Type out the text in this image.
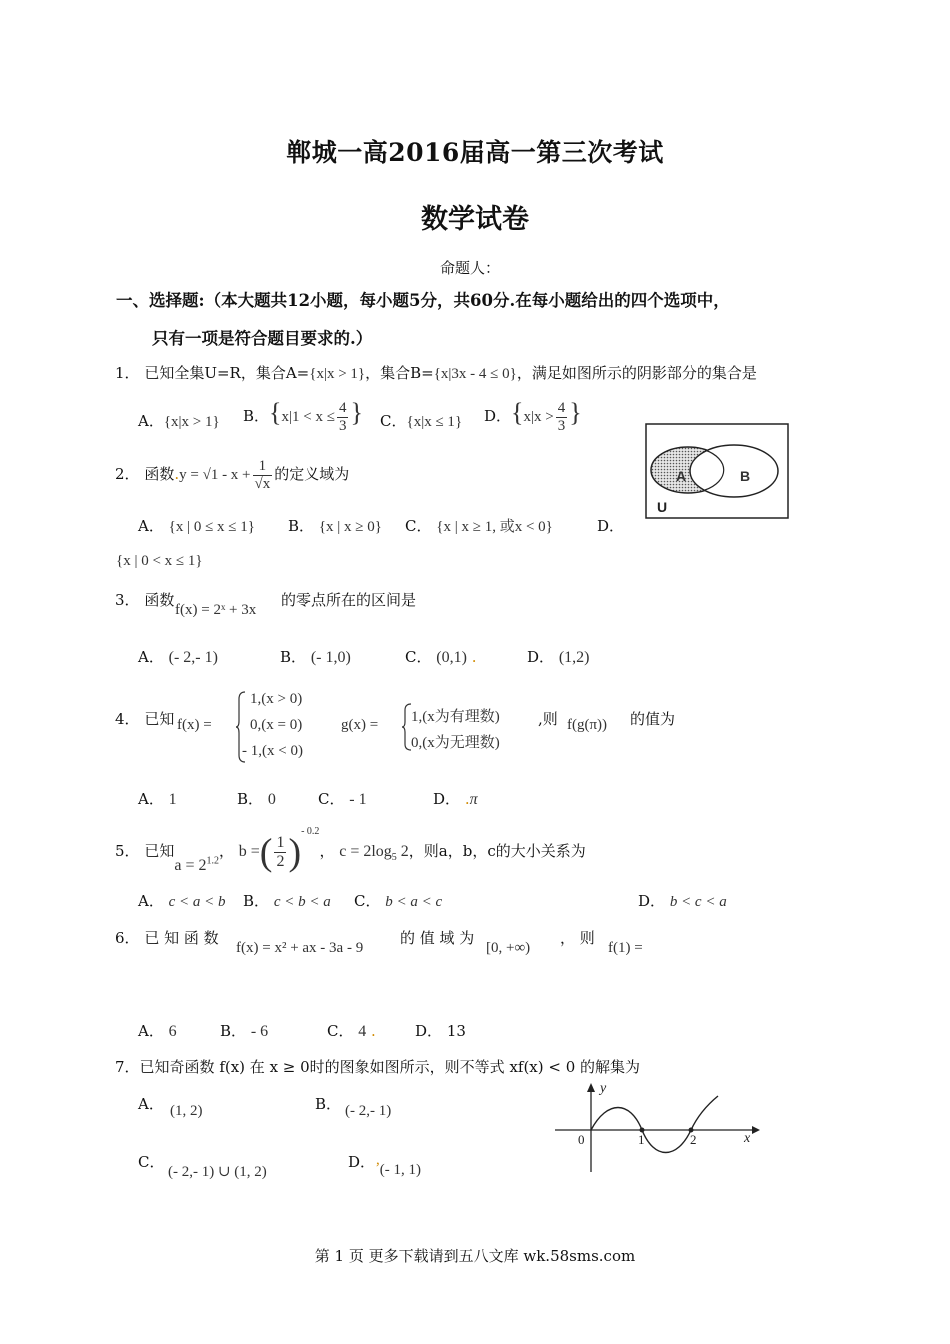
郸城一高2016届高一第三次考试
数学试卷
命题人：
一、选择题:（本大题共12小题，每小题5分，共60分.在每小题给出的四个选项中，
只有一项是符合题目要求的.）
1． 已知全集U=R，集合A={x|x > 1}，集合B={x|3x - 4 ≤ 0}，满足如图所示的阴影部分的集合是
A．{x|x > 1} B．{$x|1 < x \le \frac{4}{3}$ } C．{x|x ≤ 1} D．{$x|x > \frac{4}{3}$ }
A	B
U
2． 函数$.y = √1 - x + \frac{1}{√x}$ 的定义域为
A． {x | 0 ≤ x ≤ 1} B． {x | x ≥ 0} C． {x | x ≥ 1, 或x < 0}	D．
{x | 0 < x ≤ 1}
3． 函数
f(x) = 2ˣ + 3x
的零点所在的区间是
A． (- 2,- 1)	B． (- 1,0)	C． (0,1) .	D． (1,2)
4． 已知 f(x) =
1,(x > 0)
0,(x = 0)
- 1,(x < 0)
g(x) = 1,(x为有理数)
0,(x为无理数)
,则 f(g(π)) 的值为
A． 1	B． 0	C． - 1	D． .π
5． 已知$a = 2^{1.2}$， b =( $\frac{1}{2} )^{- 0.2}$， $c = 2\log_5$ 2，则a，b，c的大小关系为
A． c < a < b B． c < b < a C． b < a < c	D． b < c < a
6． 已 知 函 数
f(x) = x² + ax - 3a - 9
的 值 域 为
[0, +∞)
， 则
f(1) =
A． 6	B． - 6	C． 4 .	D． 13
7．已知奇函数 f(x) 在 x ≥ 0时的图象如图所示，则不等式 xf(x) < 0 的解集为
A． (1, 2)	B． (- 2,- 1)
C．
(- 2,- 1) ∪ (1, 2)
D． ,(- 1, 1)
y
x
0	1	2
第 1 页 更多下载请到五八文库 wk.58sms.com
